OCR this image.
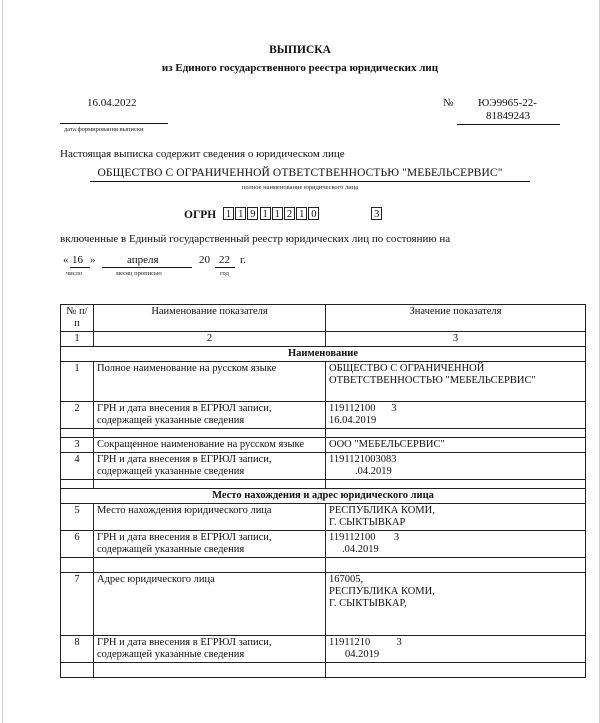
ВЫПИСКА
из Единого государственного реестра юридических лиц
16.04.2022
дата формирования выписки
№ ЮЭ9965-22-
81849243
Настоящая выписка содержит сведения о юридическом лице
ОБЩЕСТВО С ОГРАНИЧЕННОЙ ОТВЕТСТВЕННОСТЬЮ "МЕБЕЛЬСЕРВИС"
полное наименование юридического лица
ОГРН 1 1 9 1 1 2 1 0	3
включенные в Единый государственный реестр юридических лиц по состоянию на
« 16 »	апреля	20 22 г.
число	месяц прописью	год
№ п/п	Наименование показателя	Значение показателя
1	2	3
Наименование		
1	Полное наименование на русском языке	ОБЩЕСТВО С ОГРАНИЧЕННОЙ ОТВЕТСТВЕННОСТЬЮ "МЕБЕЛЬСЕРВИС"
2	ГРН и дата внесения в ЕГРЮЛ записи, содержащей указанные сведения	119112100      3
16.04.2019

3	Сокращенное наименование на русском языке	ООО "МЕБЕЛЬСЕРВИС"
4	ГРН и дата внесения в ЕГРЮЛ записи, содержащей указанные сведения	1191121003083
.04.2019

Место нахождения и адрес юридического лица		
5	Место нахождения юридического лица	РЕСПУБЛИКА КОМИ,
Г. СЫКТЫВКАР

6	ГРН и дата внесения в ЕГРЮЛ записи, содержащей указанные сведения	119112100       3
.04.2019

7	Адрес юридического лица	167005,
РЕСПУБЛИКА КОМИ,
Г. СЫКТЫВКАР,

8	ГРН и дата внесения в ЕГРЮЛ записи, содержащей указанные сведения	11911210          3
04.2019
